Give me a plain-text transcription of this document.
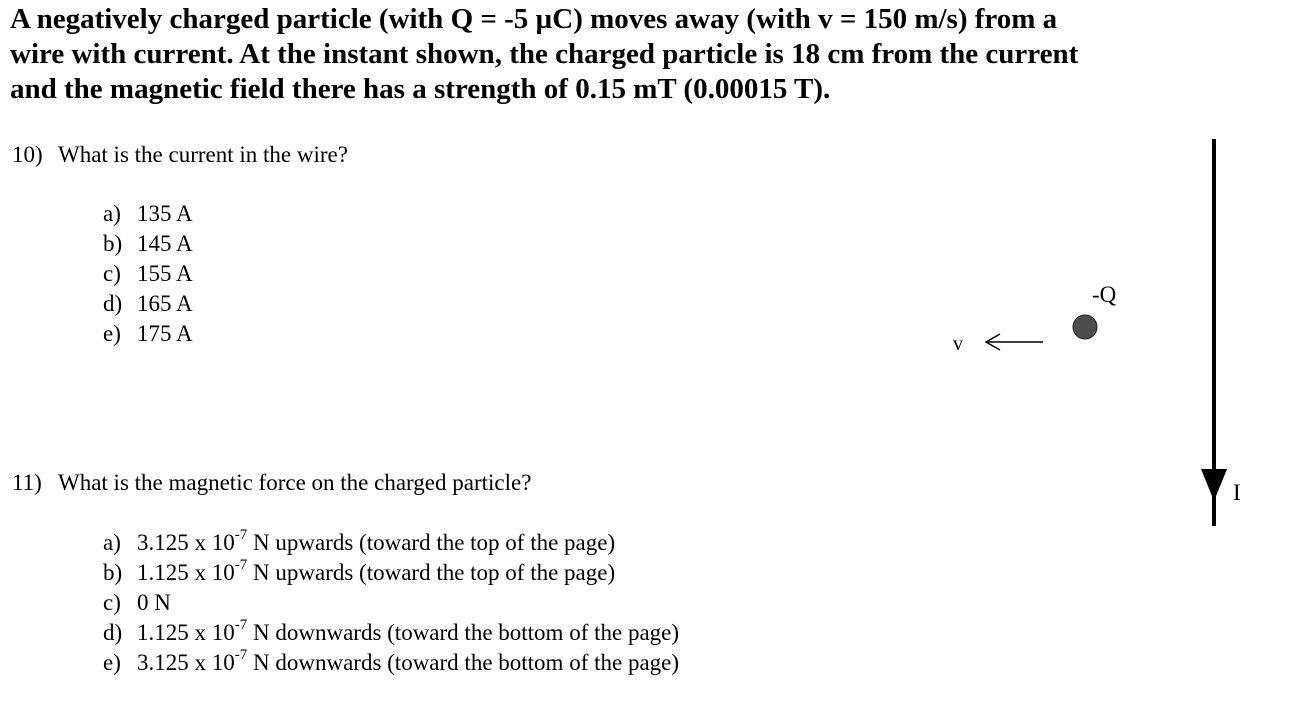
A negatively charged particle (with Q = -5 µC) moves away (with v = 150 m/s) from a

wire with current. At the instant shown, the charged particle is 18 cm from the current

and the magnetic field there has a strength of 0.15 mT (0.00015 T).

10) What is the current in the wire?
a) 135 A
b) 145 A
c) 155 A
d) 165 A
e) 175 A
11) What is the magnetic force on the charged particle?
a) 3.125 x $10^{-7}$ N upwards (toward the top of the page)
b) 1.125 x $10^{-7}$ N upwards (toward the top of the page)
c) 0 N
d) 1.125 x $10^{-7}$ N downwards (toward the bottom of the page)
e) 3.125 x $10^{-7}$ N downwards (toward the bottom of the page)
-Q
v
I
